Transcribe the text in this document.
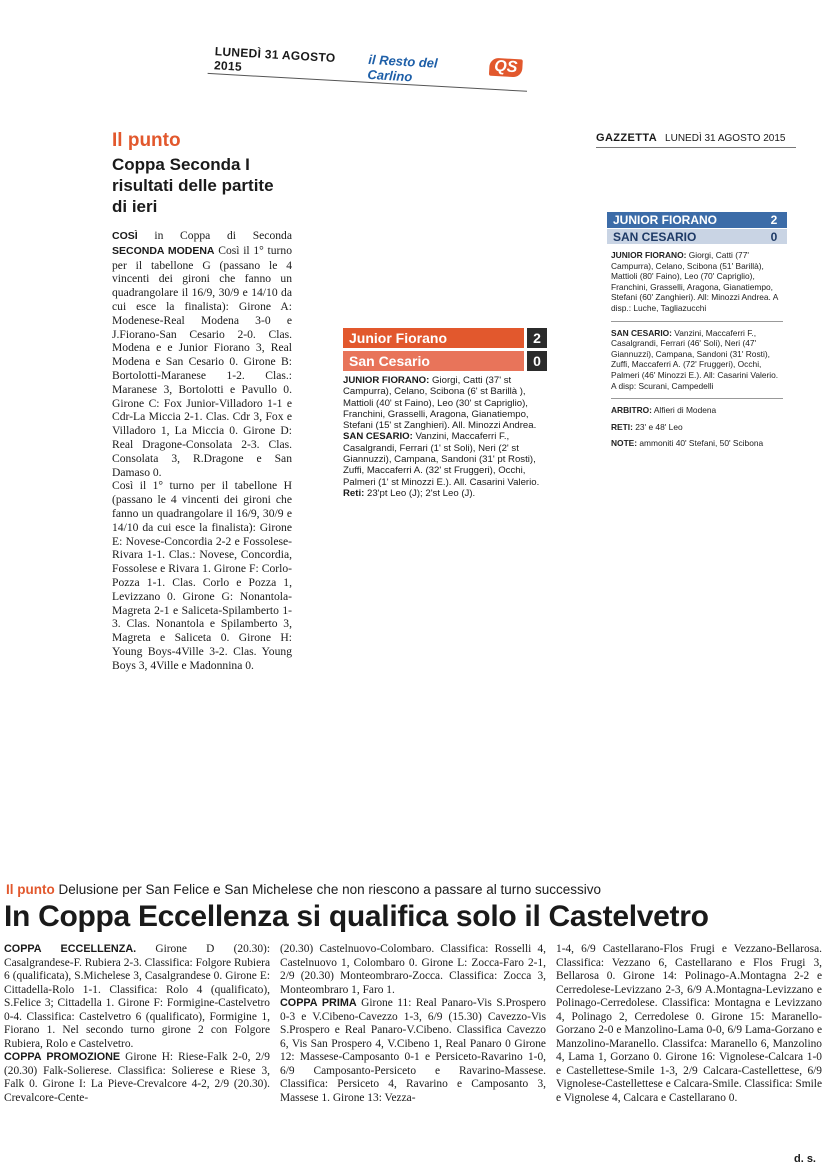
LUNEDÌ 31 AGOSTO 2015	il Resto del Carlino	QS
Il punto
Coppa Seconda I risultati delle partite di ieri

COSÌ in Coppa di Seconda SECONDA MODENA Così il 1° turno per il tabellone G (passano le 4 vincenti dei gironi che fanno un quadrangolare il 16/9, 30/9 e 14/10 da cui esce la finalista): Girone A: Modenese-Real Modena 3-0 e J.Fiorano-San Cesario 2-0. Clas. Modena e e Junior Fiorano 3, Real Modena e San Cesario 0. Girone B: Bortolotti-Maranese 1-2. Clas.: Maranese 3, Bortolotti e Pavullo 0. Girone C: Fox Junior-Villadoro 1-1 e Cdr-La Miccia 2-1. Clas. Cdr 3, Fox e Villadoro 1, La Miccia 0. Girone D: Real Dragone-Consolata 2-3. Clas. Consolata 3, R.Dragone e San Damaso 0.

Così il 1° turno per il tabellone H (passano le 4 vincenti dei gironi che fanno un quadrangolare il 16/9, 30/9 e 14/10 da cui esce la finalista): Girone E: Novese-Concordia 2-2 e Fossolese-Rivara 1-1. Clas.: Novese, Concordia, Fossolese e Rivara 1. Girone F: Corlo-Pozza 1-1. Clas. Corlo e Pozza 1, Levizzano 0. Girone G: Nonantola-Magreta 2-1 e Saliceta-Spilamberto 1-3. Clas. Nonantola e Spilamberto 3, Magreta e Saliceta 0. Girone H: Young Boys-4Ville 3-2. Clas. Young Boys 3, 4Ville e Madonnina 0.

Junior Fiorano	2
San Cesario	0
JUNIOR FIORANO: Giorgi, Catti (37' st Campurra), Celano, Scibona (6' st Barillà ), Mattioli (40' st Faino), Leo (30' st Capriglio), Franchini, Grasselli, Aragona, Gianatiempo, Stefani (15' st Zanghieri). All. Minozzi Andrea.
SAN CESARIO: Vanzini, Maccaferri F., Casalgrandi, Ferrari (1' st Soli), Neri (2' st Giannuzzi), Campana, Sandoni (31' pt Rosti), Zuffi, Maccaferri A. (32' st Fruggeri), Occhi, Palmeri (1' st Minozzi E.). All. Casarini Valerio.
Reti: 23'pt Leo (J); 2'st Leo (J).
GAZZETTA LUNEDÌ 31 AGOSTO 2015
JUNIOR FIORANO	2
SAN CESARIO	0
JUNIOR FIORANO: Giorgi, Catti (77' Campurra), Celano, Scibona (51' Barillà), Mattioli (80' Faino), Leo (70' Capriglio), Franchini, Grasselli, Aragona, Gianatiempo, Stefani (60' Zanghieri). All: Minozzi Andrea. A disp.: Luche, Tagliazucchi
SAN CESARIO: Vanzini, Maccaferri F., Casalgrandi, Ferrari (46' Soli), Neri (47' Giannuzzi), Campana, Sandoni (31' Rosti), Zuffi, Maccaferri A. (72' Fruggeri), Occhi, Palmeri (46' Minozzi E.). All: Casarini Valerio. A disp: Scurani, Campedelli
ARBITRO: Alfieri di Modena
RETI: 23' e 48' Leo
NOTE: ammoniti 40' Stefani, 50' Scibona
Il punto Delusione per San Felice e San Michelese che non riescono a passare al turno successivo
In Coppa Eccellenza si qualifica solo il Castelvetro
COPPA ECCELLENZA. Girone D (20.30): Casalgrandese-F. Rubiera 2-3. Classifica: Folgore Rubiera 6 (qualificata), S.Michelese 3, Casalgrandese 0. Girone E: Cittadella-Rolo 1-1. Classifica: Rolo 4 (qualificato), S.Felice 3; Cittadella 1. Girone F: Formigine-Castelvetro 0-4. Classifica: Castelvetro 6 (qualificato), Formigine 1, Fiorano 1. Nel secondo turno girone 2 con Folgore Rubiera, Rolo e Castelvetro.
COPPA PROMOZIONE Girone H: Riese-Falk 2-0, 2/9 (20.30) Falk-Solierese. Classifica: Solierese e Riese 3, Falk 0. Girone I: La Pieve-Crevalcore 4-2, 2/9 (20.30). Crevalcore-Cente-
(20.30) Castelnuovo-Colombaro. Classifica: Rosselli 4, Castelnuovo 1, Colombaro 0. Girone L: Zocca-Faro 2-1, 2/9 (20.30) Monteombraro-Zocca. Classifica: Zocca 3, Monteombraro 1, Faro 1.
COPPA PRIMA Girone 11: Real Panaro-Vis S.Prospero 0-3 e V.Cibeno-Cavezzo 1-3, 6/9 (15.30) Cavezzo-Vis S.Prospero e Real Panaro-V.Cibeno. Classifica Cavezzo 6, Vis San Prospero 4, V.Cibeno 1, Real Panaro 0 Girone 12: Massese-Camposanto 0-1 e Persiceto-Ravarino 1-0, 6/9 Camposanto-Persiceto e Ravarino-Massese. Classifica: Persiceto 4, Ravarino e Camposanto 3, Massese 1. Girone 13: Vezza-
1-4, 6/9 Castellarano-Flos Frugi e Vezzano-Bellarosa. Classifica: Vezzano 6, Castellarano e Flos Frugi 3, Bellarosa 0. Girone 14: Polinago-A.Montagna 2-2 e Cerredolese-Levizzano 2-3, 6/9 A.Montagna-Levizzano e Polinago-Cerredolese. Classifica: Montagna e Levizzano 4, Polinago 2, Cerredolese 0. Girone 15: Maranello-Gorzano 2-0 e Manzolino-Lama 0-0, 6/9 Lama-Gorzano e Manzolino-Maranello. Classifca: Maranello 6, Manzolino 4, Lama 1, Gorzano 0. Girone 16: Vignolese-Calcara 1-0 e Castellettese-Smile 1-3, 2/9 Calcara-Castellettese, 6/9 Vignolese-Castellettese e Calcara-Smile. Classifica: Smile e Vignolese 4, Calcara e Castellarano 0.
d. s.
